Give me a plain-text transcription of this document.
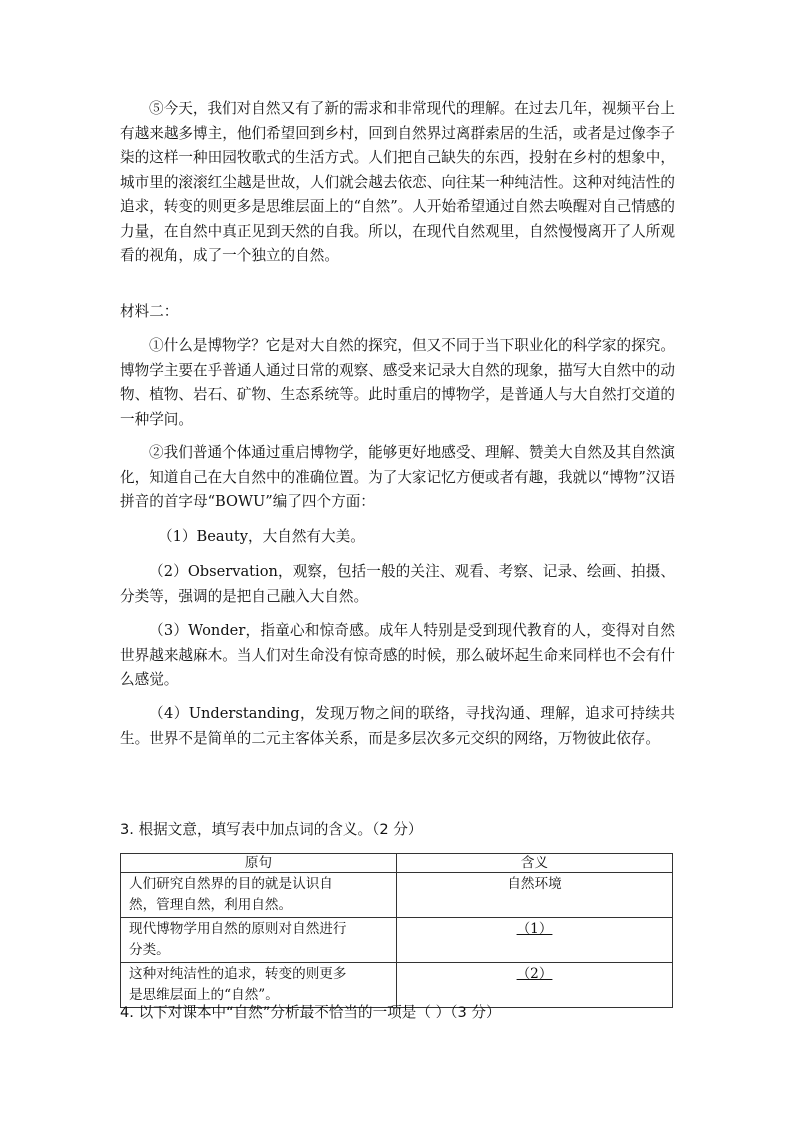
⑤今天，我们对自然又有了新的需求和非常现代的理解。在过去几年，视频平台上有越来越多博主，他们希望回到乡村，回到自然界过离群索居的生活，或者是过像李子柒的这样一种田园牧歌式的生活方式。人们把自己缺失的东西，投射在乡村的想象中，城市里的滚滚红尘越是世故，人们就会越去依恋、向往某一种纯洁性。这种对纯洁性的追求，转变的则更多是思维层面上的“自然”。人开始希望通过自然去唤醒对自己情感的力量，在自然中真正见到天然的自我。所以，在现代自然观里，自然慢慢离开了人所观看的视角，成了一个独立的自然。

材料二：

①什么是博物学？它是对大自然的探究，但又不同于当下职业化的科学家的探究。博物学主要在乎普通人通过日常的观察、感受来记录大自然的现象，描写大自然中的动物、植物、岩石、矿物、生态系统等。此时重启的博物学，是普通人与大自然打交道的一种学问。

②我们普通个体通过重启博物学，能够更好地感受、理解、赞美大自然及其自然演化，知道自己在大自然中的准确位置。为了大家记忆方便或者有趣，我就以“博物”汉语拼音的首字母“BOWU”编了四个方面：

（1）Beauty，大自然有大美。

（2）Observation，观察，包括一般的关注、观看、考察、记录、绘画、拍摄、分类等，强调的是把自己融入大自然。

（3）Wonder，指童心和惊奇感。成年人特别是受到现代教育的人，变得对自然世界越来越麻木。当人们对生命没有惊奇感的时候，那么破坏起生命来同样也不会有什么感觉。

（4）Understanding，发现万物之间的联络，寻找沟通、理解，追求可持续共生。世界不是简单的二元主客体关系，而是多层次多元交织的网络，万物彼此依存。

3. 根据文意，填写表中加点词的含义。（2 分）

原句	含义
人们研究自然界的目的就是认识自
然，管理自然，利用自然。	自然环境
现代博物学用自然的原则对自然进行
分类。	（1）
这种对纯洁性的追求，转变的则更多
是思维层面上的“自然”。	（2）

4. 以下对课本中“自然”分析最不恰当的一项是（ ）（3 分）
